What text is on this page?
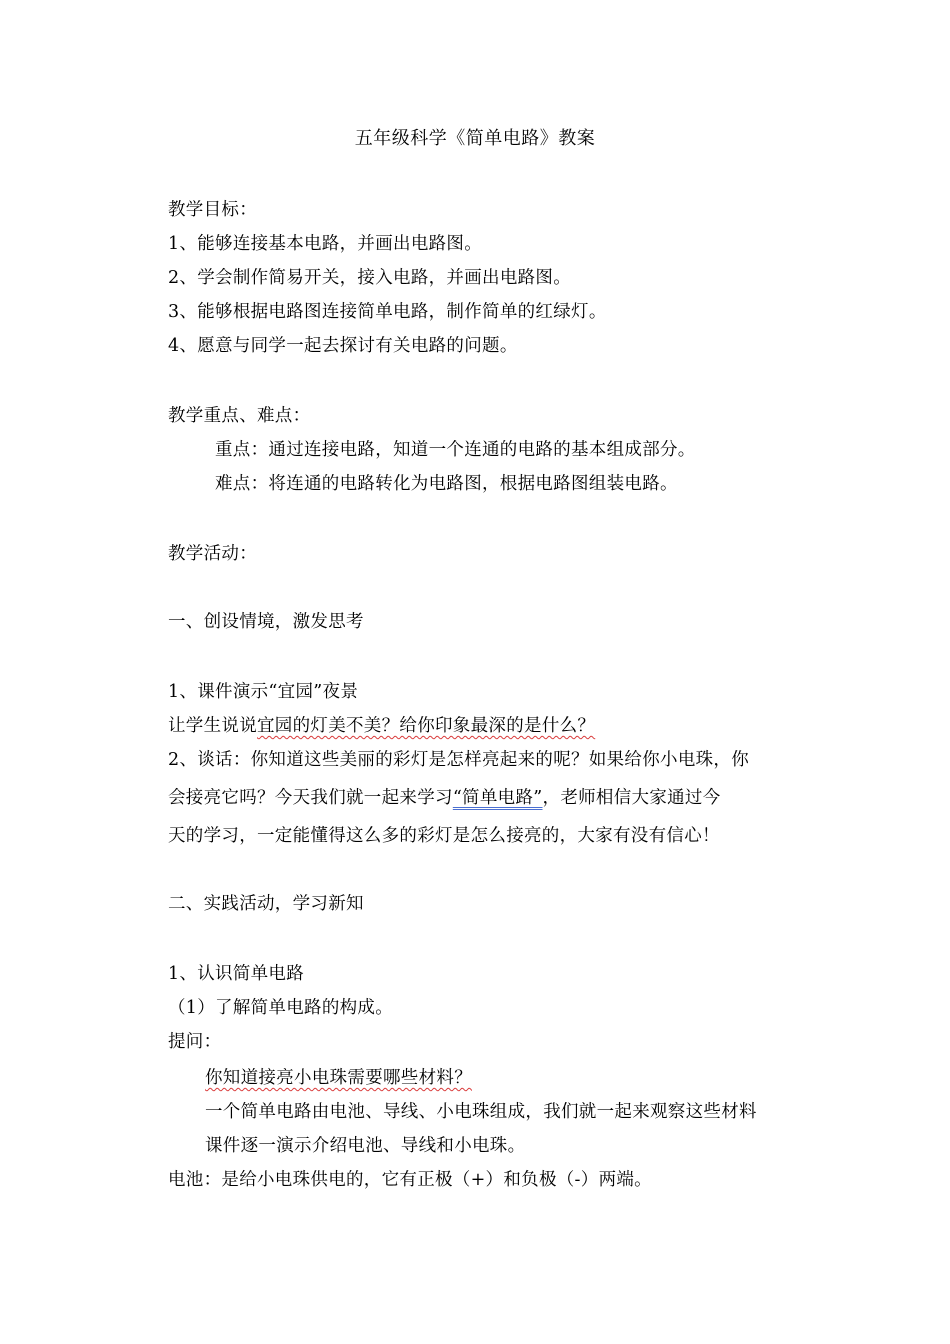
五年级科学《简单电路》教案
教学目标：
1、能够连接基本电路，并画出电路图。
2、学会制作简易开关，接入电路，并画出电路图。
3、能够根据电路图连接简单电路，制作简单的红绿灯。
4、愿意与同学一起去探讨有关电路的问题。
教学重点、难点：
重点：通过连接电路，知道一个连通的电路的基本组成部分。
难点：将连通的电路转化为电路图，根据电路图组装电路。
教学活动：
一、创设情境，激发思考
1、课件演示“宜园”夜景
让学生说说宜园的灯美不美？给你印象最深的是什么？
2、谈话：你知道这些美丽的彩灯是怎样亮起来的呢？如果给你小电珠，你
会接亮它吗？今天我们就一起来学习“简单电路”，老师相信大家通过今
天的学习，一定能懂得这么多的彩灯是怎么接亮的，大家有没有信心！
二、实践活动，学习新知
1、认识简单电路
（1）了解简单电路的构成。
提问：
你知道接亮小电珠需要哪些材料？
一个简单电路由电池、导线、小电珠组成，我们就一起来观察这些材料
课件逐一演示介绍电池、导线和小电珠。
电池：是给小电珠供电的，它有正极（+）和负极（-）两端。
